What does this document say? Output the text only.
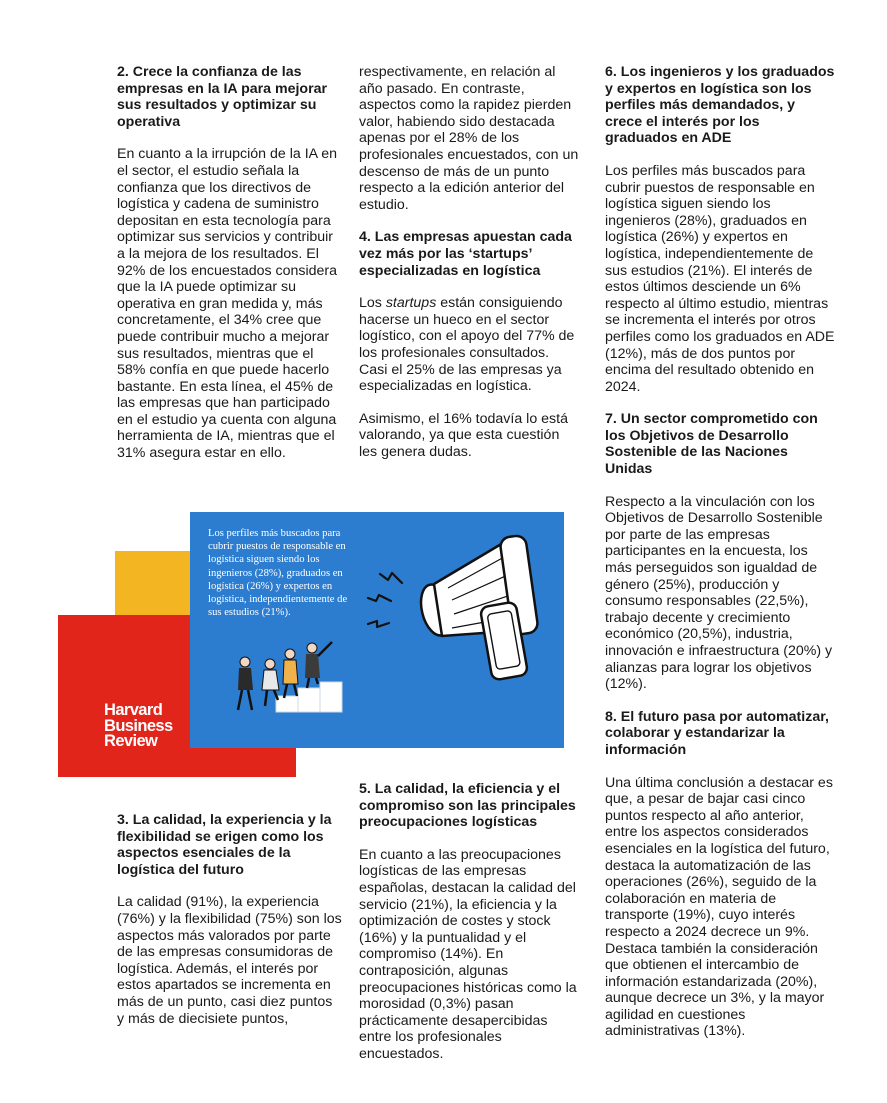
2. Crece la confianza de las empresas en la IA para mejorar sus resultados y optimizar su operativa

En cuanto a la irrupción de la IA en el sector, el estudio señala la confianza que los directivos de logística y cadena de suministro depositan en esta tecnología para optimizar sus servicios y contribuir a la mejora de los resultados. El 92% de los encuestados considera que la IA puede optimizar su operativa en gran medida y, más concretamente, el 34% cree que puede contribuir mucho a mejorar sus resultados, mientras que el 58% confía en que puede hacerlo bastante. En esta línea, el 45% de las empresas que han participado en el estudio ya cuenta con alguna herramienta de IA, mientras que el 31% asegura estar en ello.

respectivamente, en relación al año pasado. En contraste, aspectos como la rapidez pierden valor, habiendo sido destacada apenas por el 28% de los profesionales encuestados, con un descenso de más de un punto respecto a la edición anterior del estudio.

4. Las empresas apuestan cada vez más por las ‘startups’ especializadas en logística

Los startups están consiguiendo hacerse un hueco en el sector logístico, con el apoyo del 77% de los profesionales consultados. Casi el 25% de las empresas ya especializadas en logística.

Asimismo, el 16% todavía lo está valorando, ya que esta cuestión les genera dudas.

6. Los ingenieros y los graduados y expertos en logística son los perfiles más demandados, y crece el interés por los graduados en ADE

Los perfiles más buscados para cubrir puestos de responsable en logística siguen siendo los ingenieros (28%), graduados en logística (26%) y expertos en logística, independientemente de sus estudios (21%). El interés de estos últimos desciende un 6% respecto al último estudio, mientras se incrementa el interés por otros perfiles como los graduados en ADE (12%), más de dos puntos por encima del resultado obtenido en 2024.

7. Un sector comprometido con los Objetivos de Desarrollo Sostenible de las Naciones Unidas

Respecto a la vinculación con los Objetivos de Desarrollo Sostenible por parte de las empresas participantes en la encuesta, los más perseguidos son igualdad de género (25%), producción y consumo responsables (22,5%), trabajo decente y crecimiento económico (20,5%), industria, innovación e infraestructura (20%) y alianzas para lograr los objetivos (12%).

8. El futuro pasa por automatizar, colaborar y estandarizar la información

Una última conclusión a destacar es que, a pesar de bajar casi cinco puntos respecto al año anterior, entre los aspectos considerados esenciales en la logística del futuro, destaca la automatización de las operaciones (26%), seguido de la colaboración en materia de transporte (19%), cuyo interés respecto a 2024 decrece un 9%. Destaca también la consideración que obtienen el intercambio de información estandarizada (20%), aunque decrece un 3%, y la mayor agilidad en cuestiones administrativas (13%).

Los perfiles más buscados para cubrir puestos de responsable en logística siguen siendo los ingenieros (28%), graduados en logística (26%) y expertos en logística, independientemente de sus estudios (21%).
Harvard
Business
Review
3. La calidad, la experiencia y la flexibilidad se erigen como los aspectos esenciales de la logística del futuro

La calidad (91%), la experiencia (76%) y la flexibilidad (75%) son los aspectos más valorados por parte de las empresas consumidoras de logística. Además, el interés por estos apartados se incrementa en más de un punto, casi diez puntos y más de diecisiete puntos,

5. La calidad, la eficiencia y el compromiso son las principales preocupaciones logísticas

En cuanto a las preocupaciones logísticas de las empresas españolas, destacan la calidad del servicio (21%), la eficiencia y la optimización de costes y stock (16%) y la puntualidad y el compromiso (14%). En contraposición, algunas preocupaciones históricas como la morosidad (0,3%) pasan prácticamente desapercibidas entre los profesionales encuestados.
